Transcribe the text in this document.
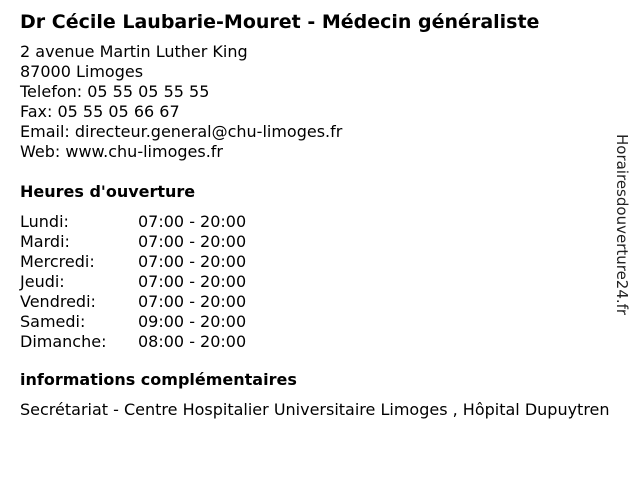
Dr Cécile Laubarie-Mouret - Médecin généraliste
2 avenue Martin Luther King
87000 Limoges
Telefon: 05 55 05 55 55
Fax: 05 55 05 66 67
Email: directeur.general@chu-limoges.fr
Web: www.chu-limoges.fr
Heures d'ouverture
Lundi:	07:00 - 20:00
Mardi:	07:00 - 20:00
Mercredi:	07:00 - 20:00
Jeudi:	07:00 - 20:00
Vendredi:	07:00 - 20:00
Samedi:	09:00 - 20:00
Dimanche: 08:00 - 20:00
informations complémentaires
Secrétariat - Centre Hospitalier Universitaire Limoges , Hôpital Dupuytren
Horairesdouverture24.fr
